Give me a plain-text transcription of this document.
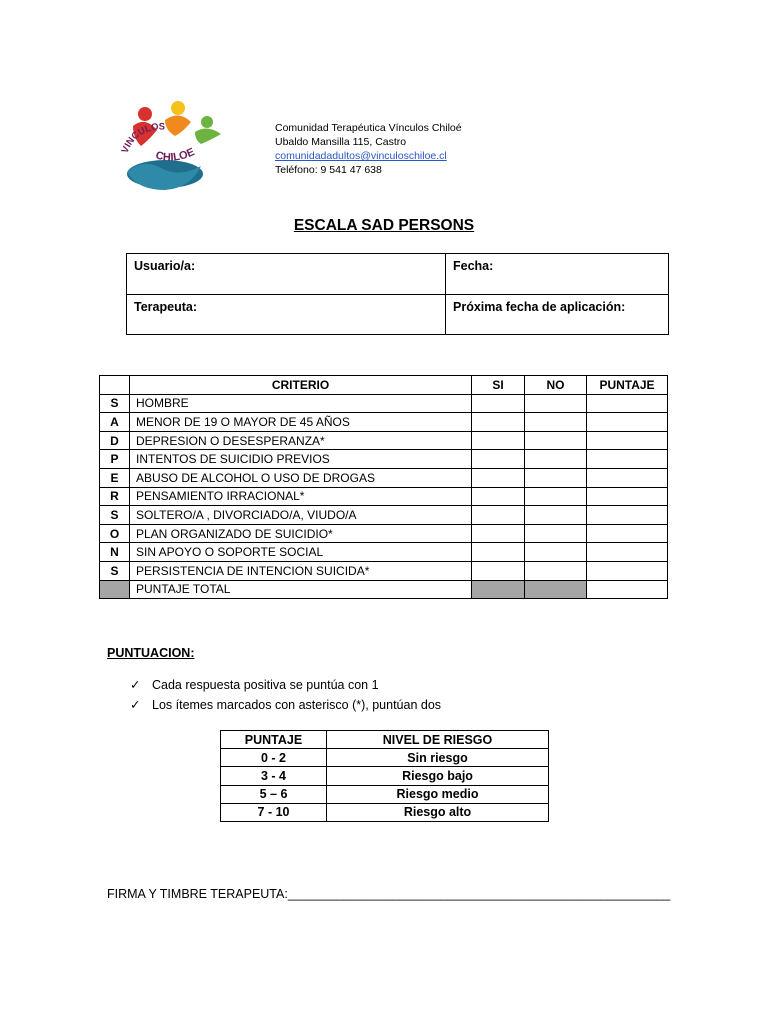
VINCULOS
CHILOE
Comunidad Terapéutica Vínculos Chiloé
Ubaldo Mansilla 115, Castro
comunidadadultos@vinculoschiloe.cl
Teléfono: 9 541 47 638
ESCALA SAD PERSONS
Usuario/a:	Fecha:
Terapeuta:	Próxima fecha de aplicación:
	CRITERIO	SI	NO	PUNTAJE
S	HOMBRE			
A	MENOR DE 19 O MAYOR DE 45 AÑOS			
D	DEPRESION O DESESPERANZA*			
P	INTENTOS DE SUICIDIO PREVIOS			
E	ABUSO DE ALCOHOL O USO DE DROGAS			
R	PENSAMIENTO IRRACIONAL*			
S	SOLTERO/A , DIVORCIADO/A, VIUDO/A			
O	PLAN ORGANIZADO DE SUICIDIO*			
N	SIN APOYO O SOPORTE SOCIAL			
S	PERSISTENCIA DE INTENCION SUICIDA*			
	PUNTAJE TOTAL			
PUNTUACION:
✓ Cada respuesta positiva se puntúa con 1
✓ Los ítemes marcados con asterisco (*), puntúan dos
PUNTAJE	NIVEL DE RIESGO
0 - 2	Sin riesgo
3 - 4	Riesgo bajo
5 – 6	Riesgo medio
7 - 10	Riesgo alto
FIRMA Y TIMBRE TERAPEUTA:_______________________________________________________
